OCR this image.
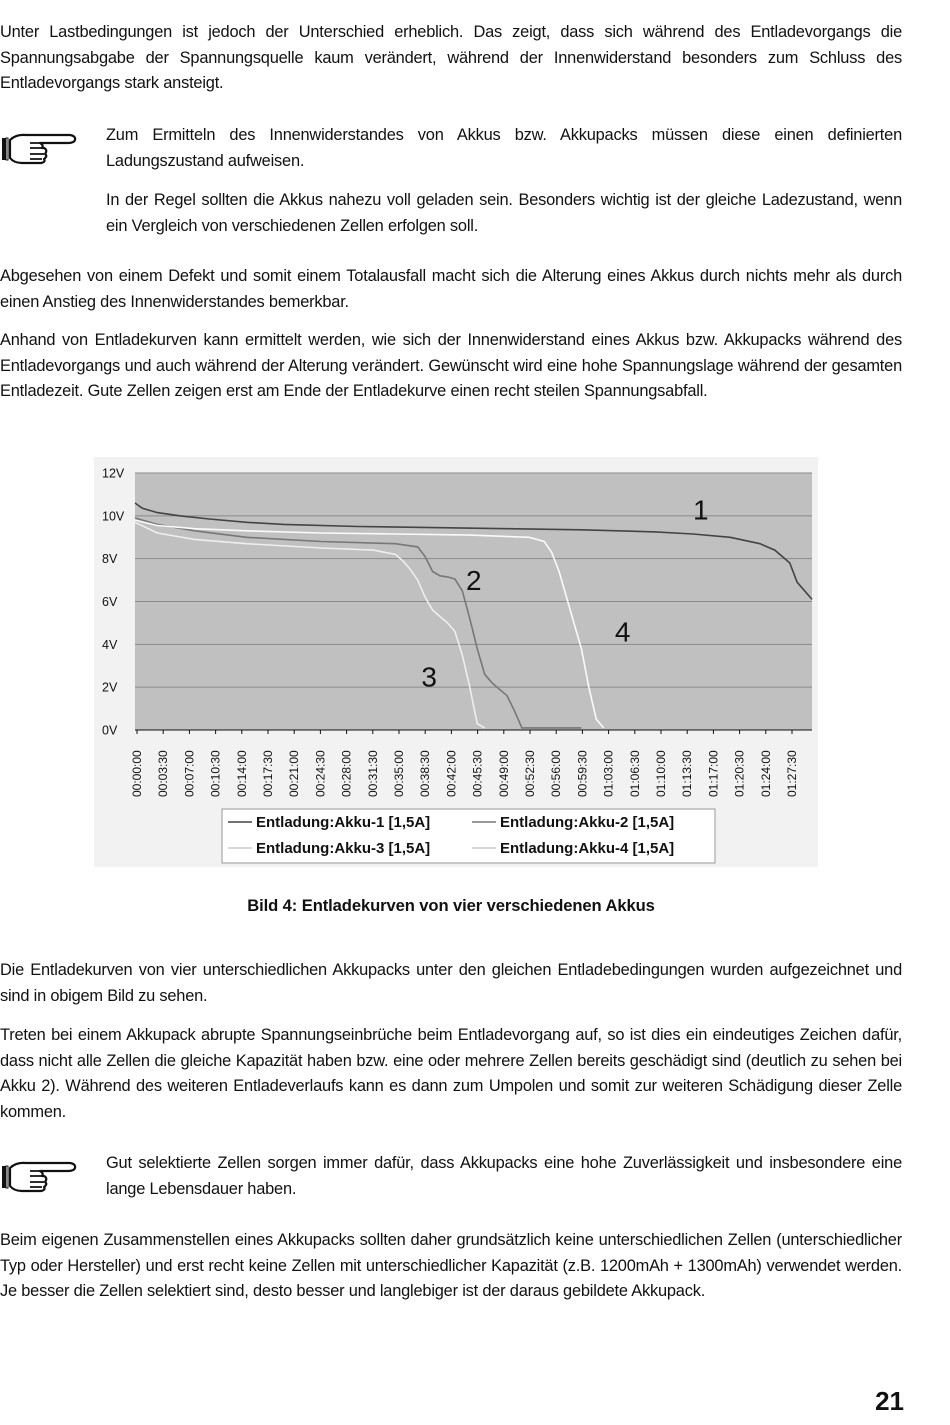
Unter Lastbedingungen ist jedoch der Unterschied erheblich. Das zeigt, dass sich während des Entladevorgangs die Spannungsabgabe der Spannungsquelle kaum verändert, während der Innenwiderstand besonders zum Schluss des Entladevorgangs stark ansteigt.

Zum Ermitteln des Innenwiderstandes von Akkus bzw. Akkupacks müssen diese einen definierten Ladungszustand aufweisen.

In der Regel sollten die Akkus nahezu voll geladen sein. Besonders wichtig ist der gleiche Ladezustand, wenn ein Vergleich von verschiedenen Zellen erfolgen soll.

Abgesehen von einem Defekt und somit einem Totalausfall macht sich die Alterung eines Akkus durch nichts mehr als durch einen Anstieg des Innenwiderstandes bemerkbar.

Anhand von Entladekurven kann ermittelt werden, wie sich der Innenwiderstand eines Akkus bzw. Akkupacks während des Entladevorgangs und auch während der Alterung verändert. Gewünscht wird eine hohe Spannungslage während der gesamten Entladezeit. Gute Zellen zeigen erst am Ende der Entladekurve einen recht steilen Spannungsabfall.

12V
10V
8V
6V
4V
2V
0V
00:00:00 00:03:30 00:07:00 00:10:30 00:14:00 00:17:30 00:21:00 00:24:30 00:28:00 00:31:30 00:35:00 00:38:30 00:42:00 00:45:30 00:49:00 00:52:30 00:56:00 00:59:30 01:03:00 01:06:30 01:10:00 01:13:30 01:17:00 01:20:30 01:24:00 01:27:30
1
2
3
4
Entladung:Akku-1 [1,5A]	Entladung:Akku-2 [1,5A]
Entladung:Akku-3 [1,5A]	Entladung:Akku-4 [1,5A]
Bild 4: Entladekurven von vier verschiedenen Akkus

Die Entladekurven von vier unterschiedlichen Akkupacks unter den gleichen Entladebedingungen wurden aufgezeichnet und sind in obigem Bild zu sehen.

Treten bei einem Akkupack abrupte Spannungseinbrüche beim Entladevorgang auf, so ist dies ein eindeutiges Zeichen dafür, dass nicht alle Zellen die gleiche Kapazität haben bzw. eine oder mehrere Zellen bereits geschädigt sind (deutlich zu sehen bei Akku 2). Während des weiteren Entladeverlaufs kann es dann zum Umpolen und somit zur weiteren Schädigung dieser Zelle kommen.

Gut selektierte Zellen sorgen immer dafür, dass Akkupacks eine hohe Zuverlässigkeit und insbesondere eine lange Lebensdauer haben.

Beim eigenen Zusammenstellen eines Akkupacks sollten daher grundsätzlich keine unterschiedlichen Zellen (unterschiedlicher Typ oder Hersteller) und erst recht keine Zellen mit unterschiedlicher Kapazität (z.B. 1200mAh + 1300mAh) verwendet werden. Je besser die Zellen selektiert sind, desto besser und langlebiger ist der daraus gebildete Akkupack.

21
